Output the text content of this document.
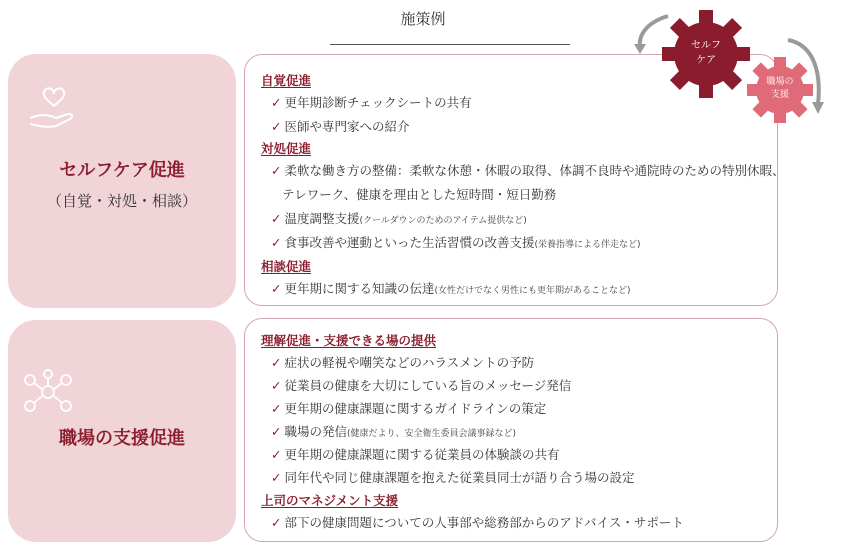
施策例
セルフケア促進
（自覚・対処・相談）
職場の支援促進
自覚促進
✓ 更年期診断チェックシートの共有
✓ 医師や専門家への紹介
対処促進
✓ 柔軟な働き方の整備：柔軟な休憩・休暇の取得、体調不良時や通院時のための特別休暇、
テレワーク、健康を理由とした短時間・短日勤務
✓ 温度調整支援(クールダウンのためのアイテム提供など)
✓ 食事改善や運動といった生活習慣の改善支援(栄養指導による伴走など)
相談促進
✓ 更年期に関する知識の伝達(女性だけでなく男性にも更年期があることなど)
理解促進・支援できる場の提供
✓ 症状の軽視や嘲笑などのハラスメントの予防
✓ 従業員の健康を大切にしている旨のメッセージ発信
✓ 更年期の健康課題に関するガイドラインの策定
✓ 職場の発信(健康だより、安全衛生委員会議事録など)
✓ 更年期の健康課題に関する従業員の体験談の共有
✓ 同年代や同じ健康課題を抱えた従業員同士が語り合う場の設定
上司のマネジメント支援
✓ 部下の健康問題についての人事部や総務部からのアドバイス・サポート
セルフ
ケア
職場の
支援
